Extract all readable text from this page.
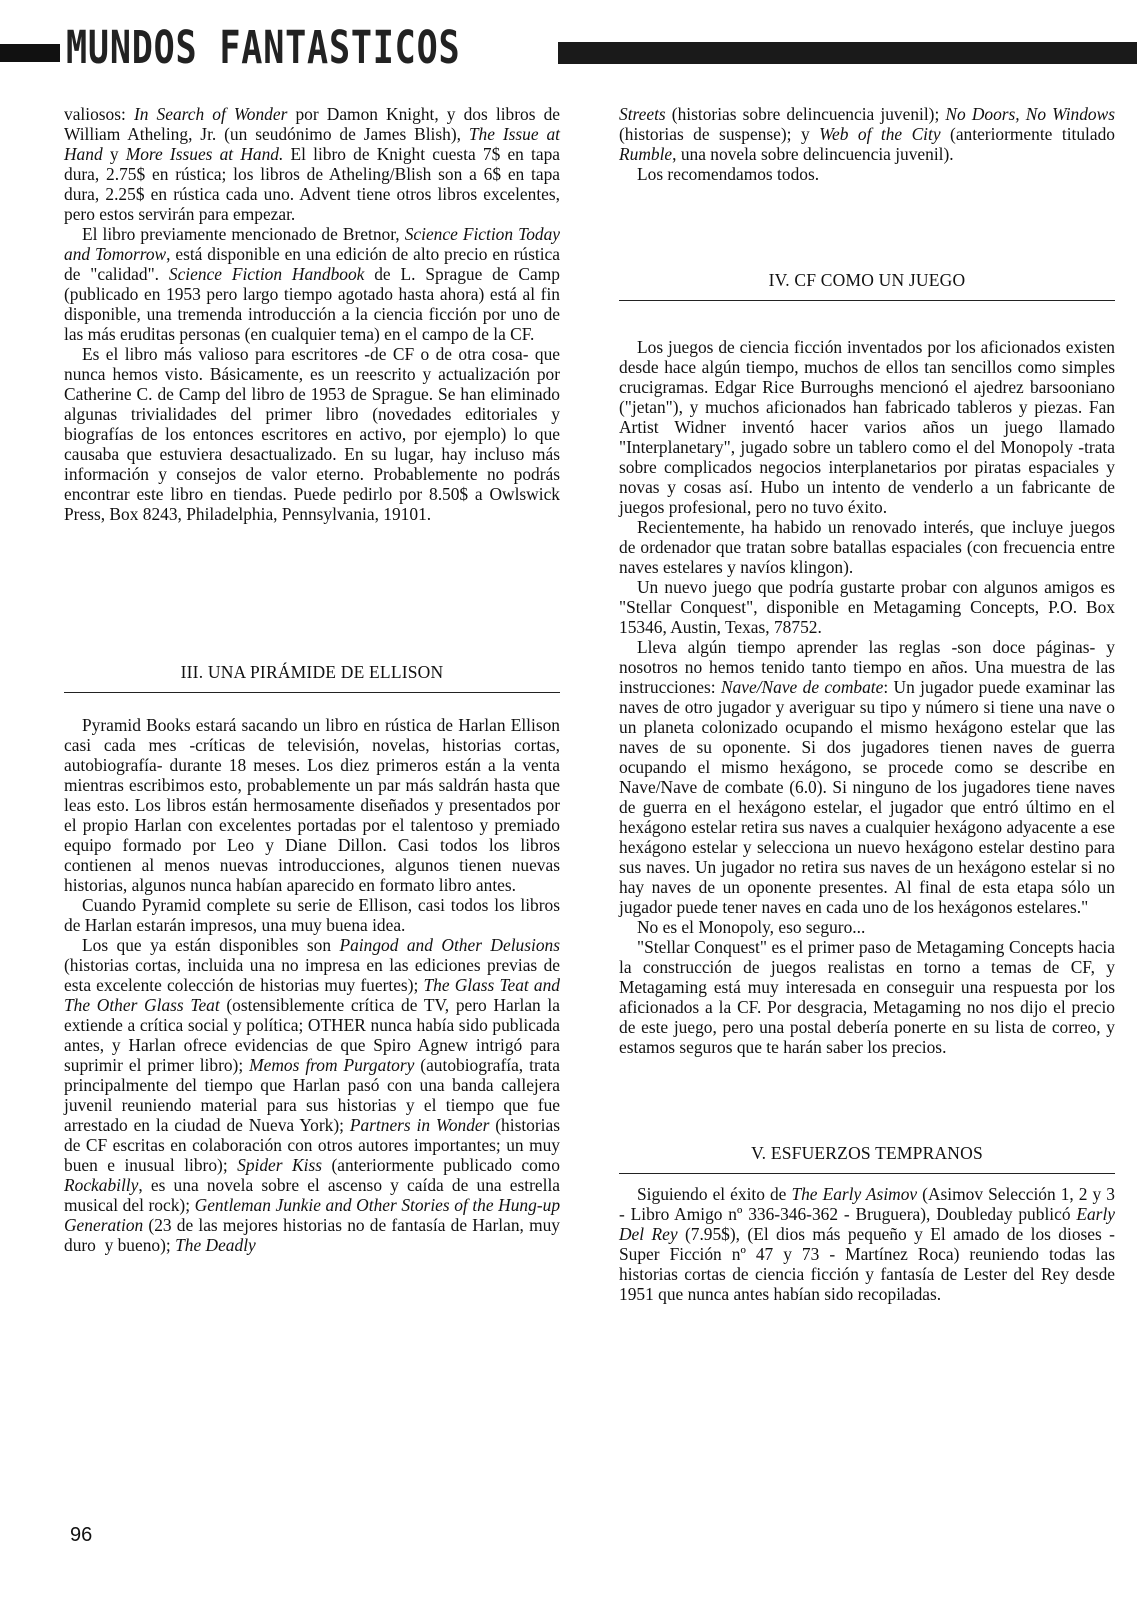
MUNDOS FANTASTICOS

valiosos: In Search of Wonder por Damon Knight, y dos libros de William Atheling, Jr. (un seudónimo de James Blish), The Issue at Hand y More Issues at Hand. El libro de Knight cuesta 7$ en tapa dura, 2.75$ en rústica; los libros de Atheling/Blish son a 6$ en tapa dura, 2.25$ en rústica cada uno. Advent tiene otros libros excelentes, pero estos servirán para empezar.

El libro previamente mencionado de Bretnor, Science Fiction Today and Tomorrow, está disponible en una edición de alto precio en rústica de "calidad". Science Fiction Handbook de L. Sprague de Camp (publicado en 1953 pero largo tiempo agotado hasta ahora) está al fin disponible, una tremenda introducción a la ciencia ficción por uno de las más eruditas personas (en cualquier tema) en el campo de la CF.

Es el libro más valioso para escritores -de CF o de otra cosa- que nunca hemos visto. Básicamente, es un reescrito y actualización por Catherine C. de Camp del libro de 1953 de Sprague. Se han eliminado algunas trivialidades del primer libro (novedades editoriales y biografías de los entonces escritores en activo, por ejemplo) lo que causaba que estuviera desactualizado. En su lugar, hay incluso más información y consejos de valor eterno. Probablemente no podrás encontrar este libro en tiendas. Puede pedirlo por 8.50$ a Owlswick Press, Box 8243, Philadelphia, Pennsylvania, 19101.

III. UNA PIRÁMIDE DE ELLISON

Pyramid Books estará sacando un libro en rústica de Harlan Ellison casi cada mes -críticas de televisión, novelas, historias cortas, autobiografía- durante 18 meses. Los diez primeros están a la venta mientras escribimos esto, probablemente un par más saldrán hasta que leas esto. Los libros están hermosamente diseñados y presentados por el propio Harlan con excelentes portadas por el talentoso y premiado equipo formado por Leo y Diane Dillon. Casi todos los libros contienen al menos nuevas introducciones, algunos tienen nuevas historias, algunos nunca habían aparecido en formato libro antes.

Cuando Pyramid complete su serie de Ellison, casi todos los libros de Harlan estarán impresos, una muy buena idea.

Los que ya están disponibles son Paingod and Other Delusions (historias cortas, incluida una no impresa en las ediciones previas de esta excelente colección de historias muy fuertes); The Glass Teat and The Other Glass Teat (ostensiblemente crítica de TV, pero Harlan la extiende a crítica social y política; OTHER nunca había sido publicada antes, y Harlan ofrece evidencias de que Spiro Agnew intrigó para suprimir el primer libro); Memos from Purgatory (autobiografía, trata principalmente del tiempo que Harlan pasó con una banda callejera juvenil reuniendo material para sus historias y el tiempo que fue arrestado en la ciudad de Nueva York); Partners in Wonder (historias de CF escritas en colaboración con otros autores importantes; un muy buen e inusual libro); Spider Kiss (anteriormente publicado como Rockabilly, es una novela sobre el ascenso y caída de una estrella musical del rock); Gentleman Junkie and Other Stories of the Hung-up Generation (23 de las mejores historias no de fantasía de Harlan, muy duro  y bueno); The Deadly

Streets (historias sobre delincuencia juvenil); No Doors, No Windows (historias de suspense); y Web of the City (anteriormente titulado Rumble, una novela sobre delincuencia juvenil).

Los recomendamos todos.

IV. CF COMO UN JUEGO

Los juegos de ciencia ficción inventados por los aficionados existen desde hace algún tiempo, muchos de ellos tan sencillos como simples crucigramas. Edgar Rice Burroughs mencionó el ajedrez barsooniano ("jetan"), y muchos aficionados han fabricado tableros y piezas. Fan Artist Widner inventó hacer varios años un juego llamado "Interplanetary", jugado sobre un tablero como el del Monopoly -trata sobre complicados negocios interplanetarios por piratas espaciales y novas y cosas así. Hubo un intento de venderlo a un fabricante de juegos profesional, pero no tuvo éxito.

Recientemente, ha habido un renovado interés, que incluye juegos de ordenador que tratan sobre batallas espaciales (con frecuencia entre naves estelares y navíos klingon).

Un nuevo juego que podría gustarte probar con algunos amigos es "Stellar Conquest", disponible en Metagaming Concepts, P.O. Box 15346, Austin, Texas, 78752.

Lleva algún tiempo aprender las reglas -son doce páginas- y nosotros no hemos tenido tanto tiempo en años. Una muestra de las instrucciones: Nave/Nave de combate: Un jugador puede examinar las naves de otro jugador y averiguar su tipo y número si tiene una nave o un planeta colonizado ocupando el mismo hexágono estelar que las naves de su oponente. Si dos jugadores tienen naves de guerra ocupando el mismo hexágono, se procede como se describe en Nave/Nave de combate (6.0). Si ninguno de los jugadores tiene naves de guerra en el hexágono estelar, el jugador que entró último en el hexágono estelar retira sus naves a cualquier hexágono adyacente a ese hexágono estelar y selecciona un nuevo hexágono estelar destino para sus naves. Un jugador no retira sus naves de un hexágono estelar si no hay naves de un oponente presentes. Al final de esta etapa sólo un jugador puede tener naves en cada uno de los hexágonos estelares."

No es el Monopoly, eso seguro...

"Stellar Conquest" es el primer paso de Metagaming Concepts hacia la construcción de juegos realistas en torno a temas de CF, y Metagaming está muy interesada en conseguir una respuesta por los aficionados a la CF. Por desgracia, Metagaming no nos dijo el precio de este juego, pero una postal debería ponerte en su lista de correo, y estamos seguros que te harán saber los precios.

V. ESFUERZOS TEMPRANOS

Siguiendo el éxito de The Early Asimov (Asimov Selección 1, 2 y 3 - Libro Amigo nº 336-346-362 - Bruguera), Doubleday publicó Early Del Rey (7.95$), (El dios más pequeño y El amado de los dioses - Super Ficción nº 47 y 73 - Martínez Roca) reuniendo todas las historias cortas de ciencia ficción y fantasía de Lester del Rey desde 1951 que nunca antes habían sido recopiladas.

96
